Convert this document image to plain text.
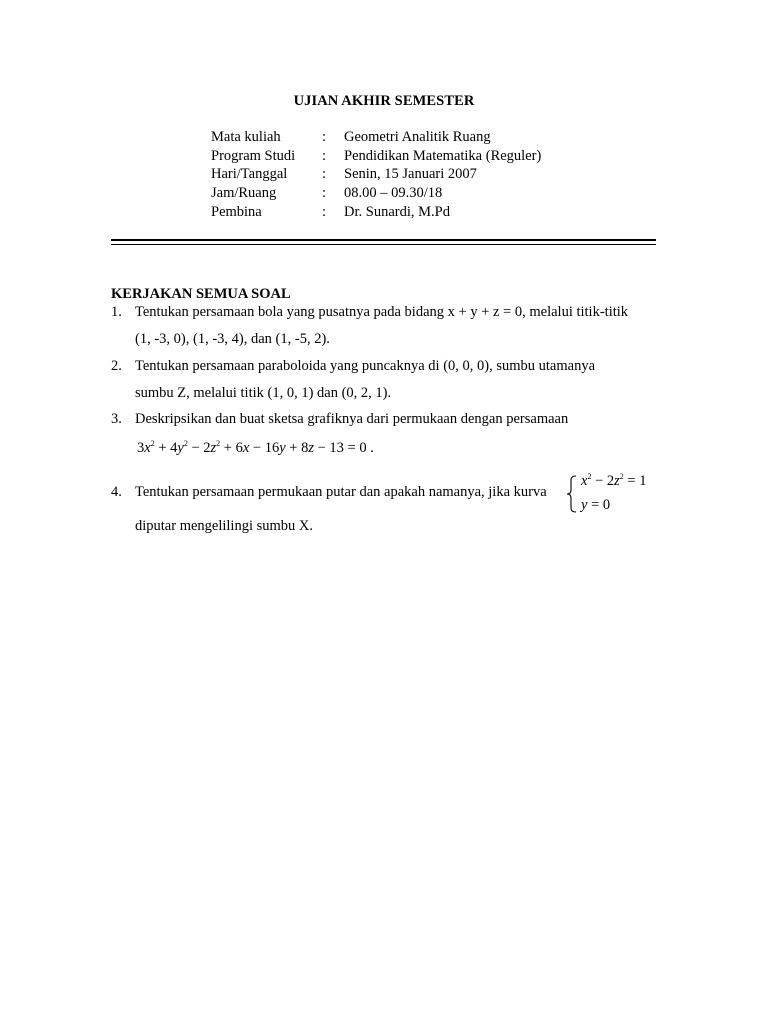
UJIAN AKHIR SEMESTER
Mata kuliah	: Geometri Analitik Ruang
Program Studi : Pendidikan Matematika (Reguler)
Hari/Tanggal : Senin, 15 Januari 2007
Jam/Ruang	: 08.00 – 09.30/18
Pembina	: Dr. Sunardi, M.Pd
KERJAKAN SEMUA SOAL
1. Tentukan persamaan bola yang pusatnya pada bidang x + y + z = 0, melalui titik-titik
(1, -3, 0), (1, -3, 4), dan (1, -5, 2).
2. Tentukan persamaan paraboloida yang puncaknya di (0, 0, 0), sumbu utamanya
sumbu Z, melalui titik (1, 0, 1) dan (0, 2, 1).
3. Deskripsikan dan buat sketsa grafiknya dari permukaan dengan persamaan
$3x^2 + 4y^2 - 2z^2 + 6x - 16y + 8z - 13 = 0$ .
4. Tentukan persamaan permukaan putar dan apakah namanya, jika kurva
$x^2 - 2z^2 = 1$
y = 0
diputar mengelilingi sumbu X.
